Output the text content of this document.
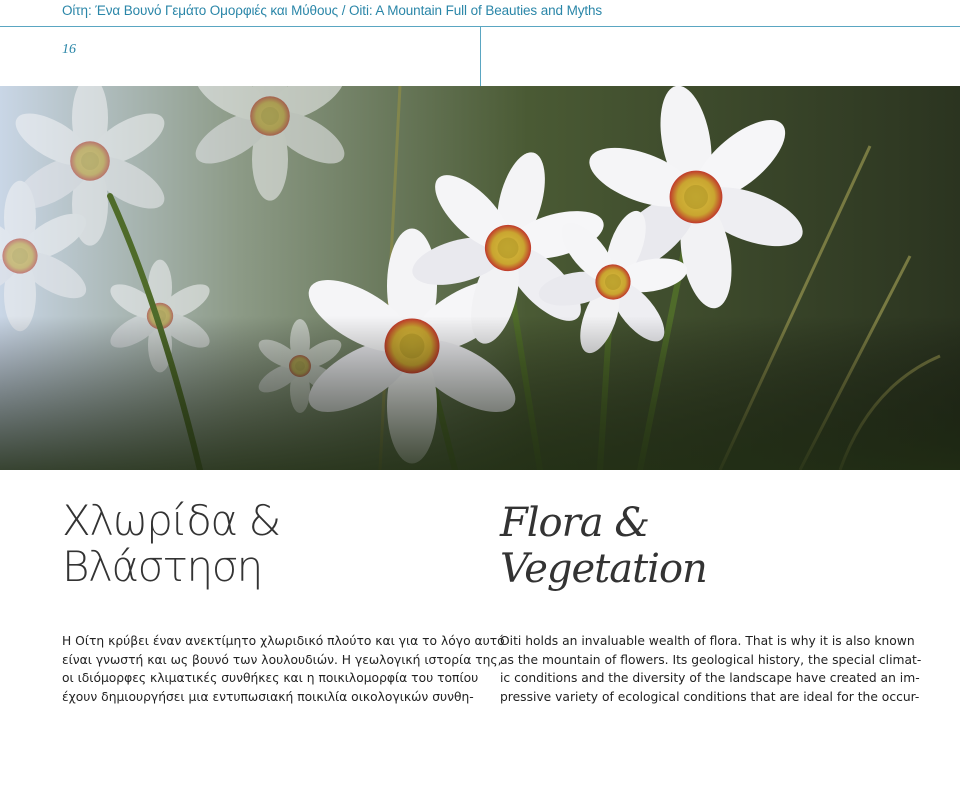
Οίτη: Ένα Βουνό Γεμάτο Ομορφιές και Μύθους / Oiti: A Mountain Full of Beauties and Myths
16
Χλωρίδα &
Βλάστηση
Flora &
Vegetation
Η Οίτη κρύβει έναν ανεκτίμητο χλωριδικό πλούτο και για το λόγο αυτό
είναι γνωστή και ως βουνό των λουλουδιών. Η γεωλογική ιστορία της,
οι ιδιόμορφες κλιματικές συνθήκες και η ποικιλομορφία του τοπίου
έχουν δημιουργήσει μια εντυπωσιακή ποικιλία οικολογικών συνθη-
Oiti holds an invaluable wealth of flora. That is why it is also known
as the mountain of flowers. Its geological history, the special climat-
ic conditions and the diversity of the landscape have created an im-
pressive variety of ecological conditions that are ideal for the occur-
